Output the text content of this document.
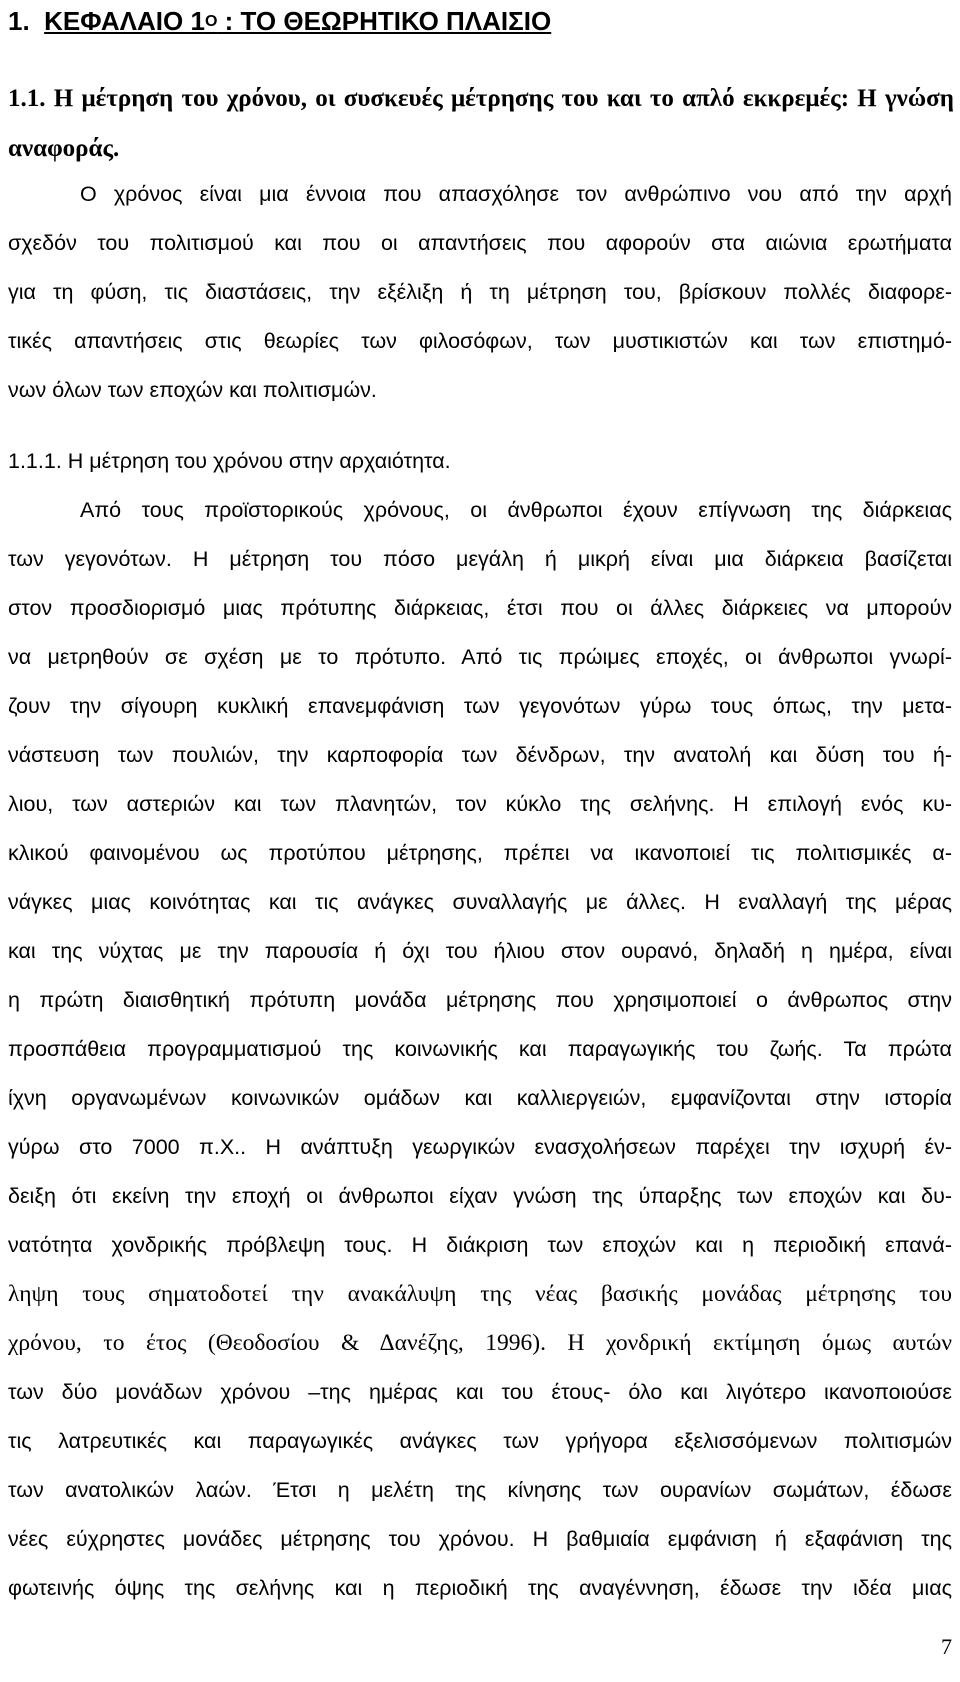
1. ΚΕΦΑΛΑΙΟ $1^O$ : ΤΟ ΘΕΩΡΗΤΙΚΟ ΠΛΑΙΣΙΟ
1.1. Η μέτρηση του χρόνου, οι συσκευές μέτρησης του και το απλό εκκρεμές: Η γνώση αναφοράς.
Ο χρόνος είναι μια έννοια που απασχόλησε τον ανθρώπινο νου από την αρχή
σχεδόν του πολιτισμού και που οι απαντήσεις που αφορούν στα αιώνια ερωτήματα
για τη φύση, τις διαστάσεις, την εξέλιξη ή τη μέτρηση του, βρίσκουν πολλές διαφορε-
τικές απαντήσεις στις θεωρίες των φιλοσόφων, των μυστικιστών και των επιστημό-
νων όλων των εποχών και πολιτισμών.
1.1.1. Η μέτρηση του χρόνου στην αρχαιότητα.
Από τους προϊστορικούς χρόνους, οι άνθρωποι έχουν επίγνωση της διάρκειας
των γεγονότων. Η μέτρηση του πόσο μεγάλη ή μικρή είναι μια διάρκεια βασίζεται
στον προσδιορισμό μιας πρότυπης διάρκειας, έτσι που οι άλλες διάρκειες να μπορούν
να μετρηθούν σε σχέση με το πρότυπο. Από τις πρώιμες εποχές, οι άνθρωποι γνωρί-
ζουν την σίγουρη κυκλική επανεμφάνιση των γεγονότων γύρω τους όπως, την μετα-
νάστευση των πουλιών, την καρποφορία των δένδρων, την ανατολή και δύση του ή-
λιου, των αστεριών και των πλανητών, τον κύκλο της σελήνης. Η επιλογή ενός κυ-
κλικού φαινομένου ως προτύπου μέτρησης, πρέπει να ικανοποιεί τις πολιτισμικές α-
νάγκες μιας κοινότητας και τις ανάγκες συναλλαγής με άλλες. Η εναλλαγή της μέρας
και της νύχτας με την παρουσία ή όχι του ήλιου στον ουρανό, δηλαδή η ημέρα, είναι
η πρώτη διαισθητική πρότυπη μονάδα μέτρησης που χρησιμοποιεί ο άνθρωπος στην
προσπάθεια προγραμματισμού της κοινωνικής και παραγωγικής του ζωής. Τα πρώτα
ίχνη οργανωμένων κοινωνικών ομάδων και καλλιεργειών, εμφανίζονται στην ιστορία
γύρω στο 7000 π.Χ.. Η ανάπτυξη γεωργικών ενασχολήσεων παρέχει την ισχυρή έν-
δειξη ότι εκείνη την εποχή οι άνθρωποι είχαν γνώση της ύπαρξης των εποχών και δυ-
νατότητα χονδρικής πρόβλεψη τους. Η διάκριση των εποχών και η περιοδική επανά-
ληψη τους σηματοδοτεί την ανακάλυψη της νέας βασικής μονάδας μέτρησης του
χρόνου, το έτος (Θεοδοσίου & Δανέζης, 1996). Η χονδρική εκτίμηση όμως αυτών
των δύο μονάδων χρόνου –της ημέρας και του έτους- όλο και λιγότερο ικανοποιούσε
τις λατρευτικές και παραγωγικές ανάγκες των γρήγορα εξελισσόμενων πολιτισμών
των ανατολικών λαών. Έτσι η μελέτη της κίνησης των ουρανίων σωμάτων, έδωσε
νέες εύχρηστες μονάδες μέτρησης του χρόνου. Η βαθμιαία εμφάνιση ή εξαφάνιση της
φωτεινής όψης της σελήνης και η περιοδική της αναγέννηση, έδωσε την ιδέα μιας
7
